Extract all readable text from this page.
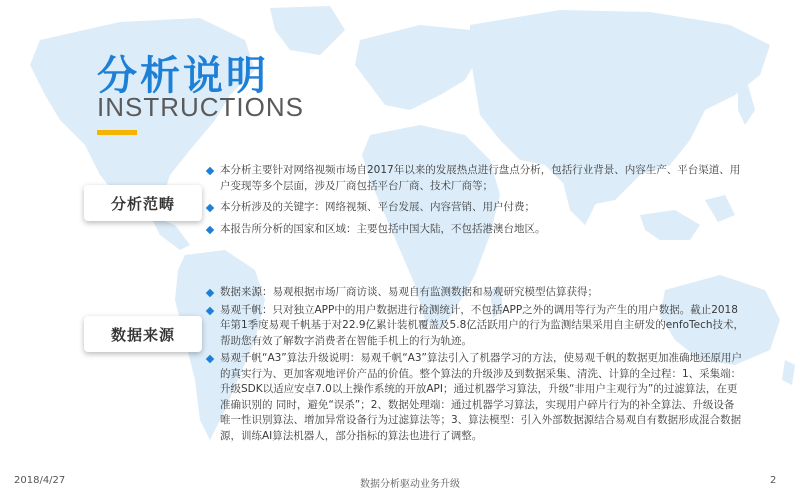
分析说明
INSTRUCTIONS
分析范畴
本分析主要针对网络视频市场自2017年以来的发展热点进行盘点分析，包括行业背景、内容生产、平台渠道、用户变现等多个层面，涉及厂商包括平台厂商、技术厂商等；
本分析涉及的关键字：网络视频、平台发展、内容营销、用户付费；
本报告所分析的国家和区域：主要包括中国大陆，不包括港澳台地区。
数据来源
数据来源：易观根据市场厂商访谈、易观自有监测数据和易观研究模型估算获得；
易观千帆：只对独立APP中的用户数据进行检测统计，不包括APP之外的调用等行为产生的用户数据。截止2018年第1季度易观千帆基于对22.9亿累计装机覆盖及5.8亿活跃用户的行为监测结果采用自主研发的enfoTech技术，帮助您有效了解数字消费者在智能手机上的行为轨迹。
易观千帆“A3”算法升级说明：易观千帆“A3”算法引入了机器学习的方法，使易观千帆的数据更加准确地还原用户的真实行为、更加客观地评价产品的价值。整个算法的升级涉及到数据采集、清洗、计算的全过程：1、采集端：升级SDK以适应安卓7.0以上操作系统的开放API；通过机器学习算法，升级“非用户主观行为”的过滤算法，在更准确识别的 同时，避免“误杀”；2、数据处理端：通过机器学习算法，实现用户碎片行为的补全算法、升级设备唯一性识别算法、增加异常设备行为过滤算法等；3、算法模型：引入外部数据源结合易观自有数据形成混合数据源，训练AI算法机器人，部分指标的算法也进行了调整。
2018/4/27	数据分析驱动业务升级	2
